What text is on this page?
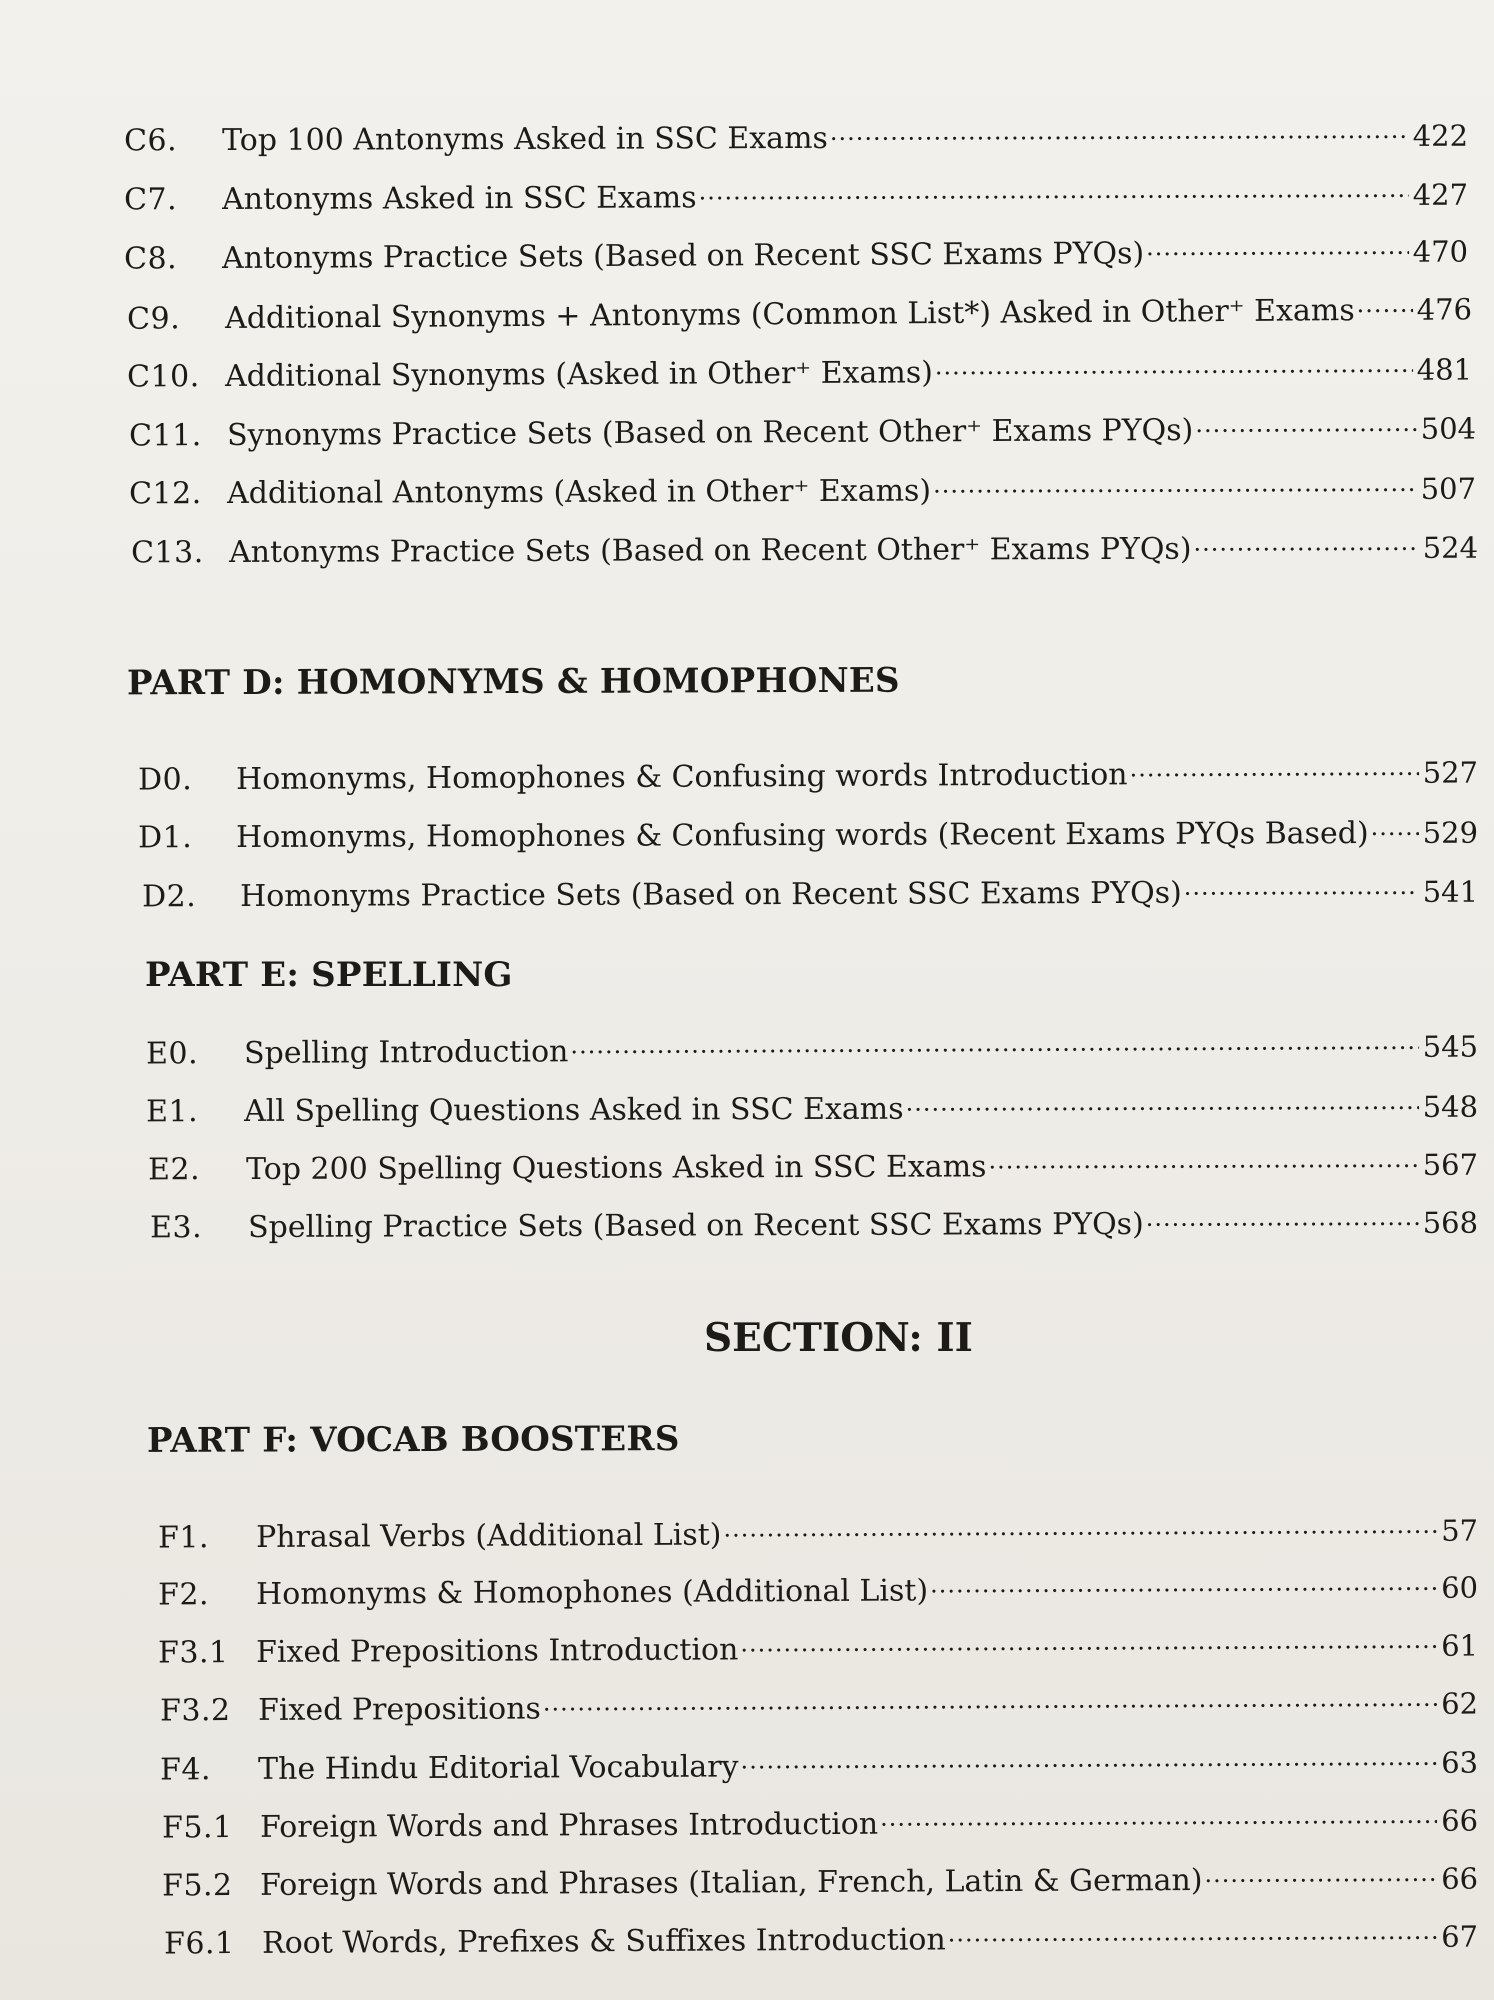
C6.	Top 100 Antonyms Asked in SSC Exams .....	422
C7.	Antonyms Asked in SSC Exams .....	427
C8.	Antonyms Practice Sets (Based on Recent SSC Exams PYQs) .....	470
C9.	Additional Synonyms + Antonyms (Common List*) Asked in Other⁺ Exams ..... 476
C10. Additional Synonyms (Asked in Other⁺ Exams) .....	481
C11. Synonyms Practice Sets (Based on Recent Other⁺ Exams PYQs) .....	504
C12. Additional Antonyms (Asked in Other⁺ Exams) .....	507
C13. Antonyms Practice Sets (Based on Recent Other⁺ Exams PYQs) .....	524
PART D: HOMONYMS & HOMOPHONES
D0.	Homonyms, Homophones & Confusing words Introduction .....	527
D1.	Homonyms, Homophones & Confusing words (Recent Exams PYQs Based) ..... 529
D2.	Homonyms Practice Sets (Based on Recent SSC Exams PYQs) .....	541
PART E: SPELLING
E0.	Spelling Introduction .....	545
E1.	All Spelling Questions Asked in SSC Exams .....	548
E2.	Top 200 Spelling Questions Asked in SSC Exams .....	567
E3.	Spelling Practice Sets (Based on Recent SSC Exams PYQs) .....	568
SECTION: II
PART F: VOCAB BOOSTERS
F1.	Phrasal Verbs (Additional List) .....	57
F2.	Homonyms & Homophones (Additional List) .....	60
F3.1 Fixed Prepositions Introduction .....	61
F3.2 Fixed Prepositions .....	62
F4.	The Hindu Editorial Vocabulary .....	63
F5.1 Foreign Words and Phrases Introduction .....	66
F5.2 Foreign Words and Phrases (Italian, French, Latin & German) .....	66
F6.1 Root Words, Prefixes & Suffixes Introduction .....	67
